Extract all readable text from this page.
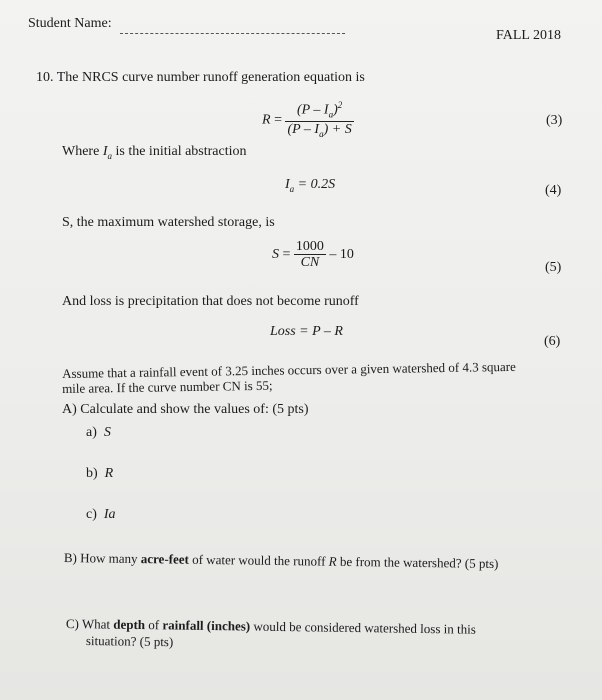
Student Name:
FALL 2018
10. The NRCS curve number runoff generation equation is
$R = \frac{(P - I_a)^2}{(P - I_a) + S}$	(3)
Where $I_a$ is the initial abstraction
$I_a = 0.2S$	(4)
S, the maximum watershed storage, is
$S = \frac{1000}{CN} - 10$
(5)
And loss is precipitation that does not become runoff
Loss = P – R
(6)
Assume that a rainfall event of 3.25 inches occurs over a given watershed of 4.3 square
mile area. If the curve number CN is 55;
A) Calculate and show the values of: (5 pts)
a) S
b) R
c) Ia
B) How many acre-feet of water would the runoff R be from the watershed? (5 pts)
C) What depth of rainfall (inches) would be considered watershed loss in this
situation? (5 pts)
